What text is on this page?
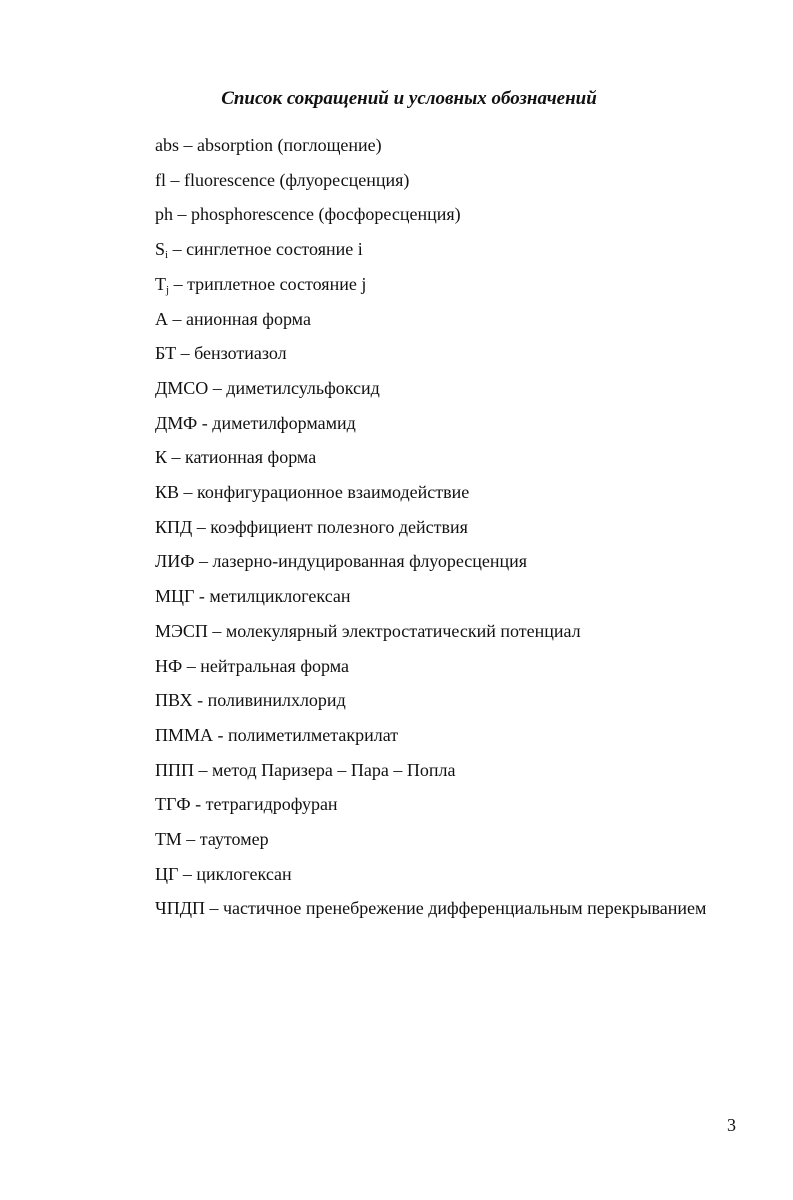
Список сокращений и условных обозначений
abs – absorption (поглощение)
fl – fluorescence (флуоресценция)
ph – phosphorescence (фосфоресценция)
$S_i$ – синглетное состояние i
$T_j$ – триплетное состояние j
А – анионная форма
БТ – бензотиазол
ДМСО – диметилсульфоксид
ДМФ - диметилформамид
К – катионная форма
КВ – конфигурационное взаимодействие
КПД – коэффициент полезного действия
ЛИФ – лазерно-индуцированная флуоресценция
МЦГ - метилциклогексан
МЭСП – молекулярный электростатический потенциал
НФ – нейтральная форма
ПВХ - поливинилхлорид
ПММА - полиметилметакрилат
ППП – метод Паризера – Пара – Попла
ТГФ - тетрагидрофуран
ТМ – таутомер
ЦГ – циклогексан
ЧПДП – частичное пренебрежение дифференциальным перекрыванием
3
